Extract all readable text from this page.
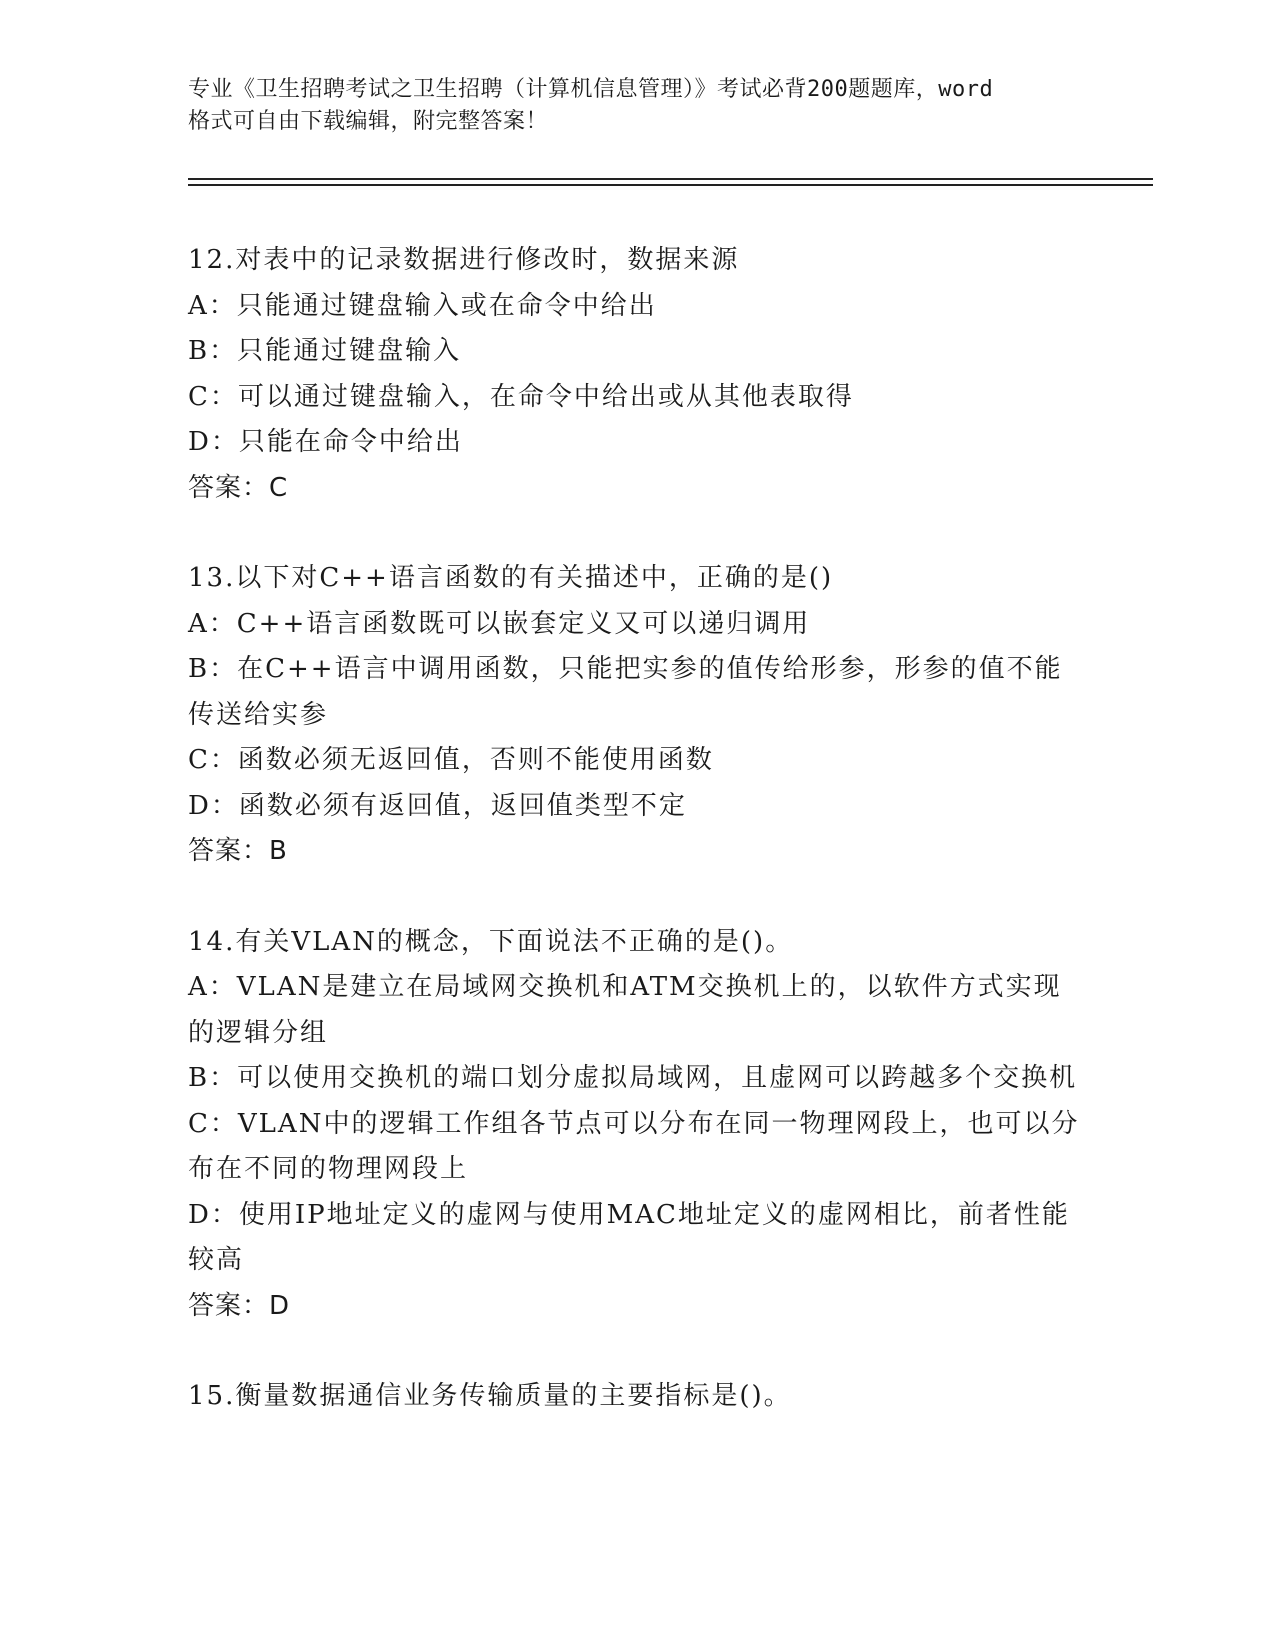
专业《卫生招聘考试之卫生招聘（计算机信息管理）》考试必背200题题库，word
格式可自由下载编辑，附完整答案！
12.对表中的记录数据进行修改时，数据来源
A：只能通过键盘输入或在命令中给出
B：只能通过键盘输入
C：可以通过键盘输入，在命令中给出或从其他表取得
D：只能在命令中给出
答案：C
13.以下对C++语言函数的有关描述中，正确的是()
A：C++语言函数既可以嵌套定义又可以递归调用
B：在C++语言中调用函数，只能把实参的值传给形参，形参的值不能传送给实参
C：函数必须无返回值，否则不能使用函数
D：函数必须有返回值，返回值类型不定
答案：B
14.有关VLAN的概念，下面说法不正确的是()。
A：VLAN是建立在局域网交换机和ATM交换机上的，以软件方式实现的逻辑分组
B：可以使用交换机的端口划分虚拟局域网，且虚网可以跨越多个交换机
C：VLAN中的逻辑工作组各节点可以分布在同一物理网段上，也可以分布在不同的物理网段上
D：使用IP地址定义的虚网与使用MAC地址定义的虚网相比，前者性能较高
答案：D
15.衡量数据通信业务传输质量的主要指标是()。
